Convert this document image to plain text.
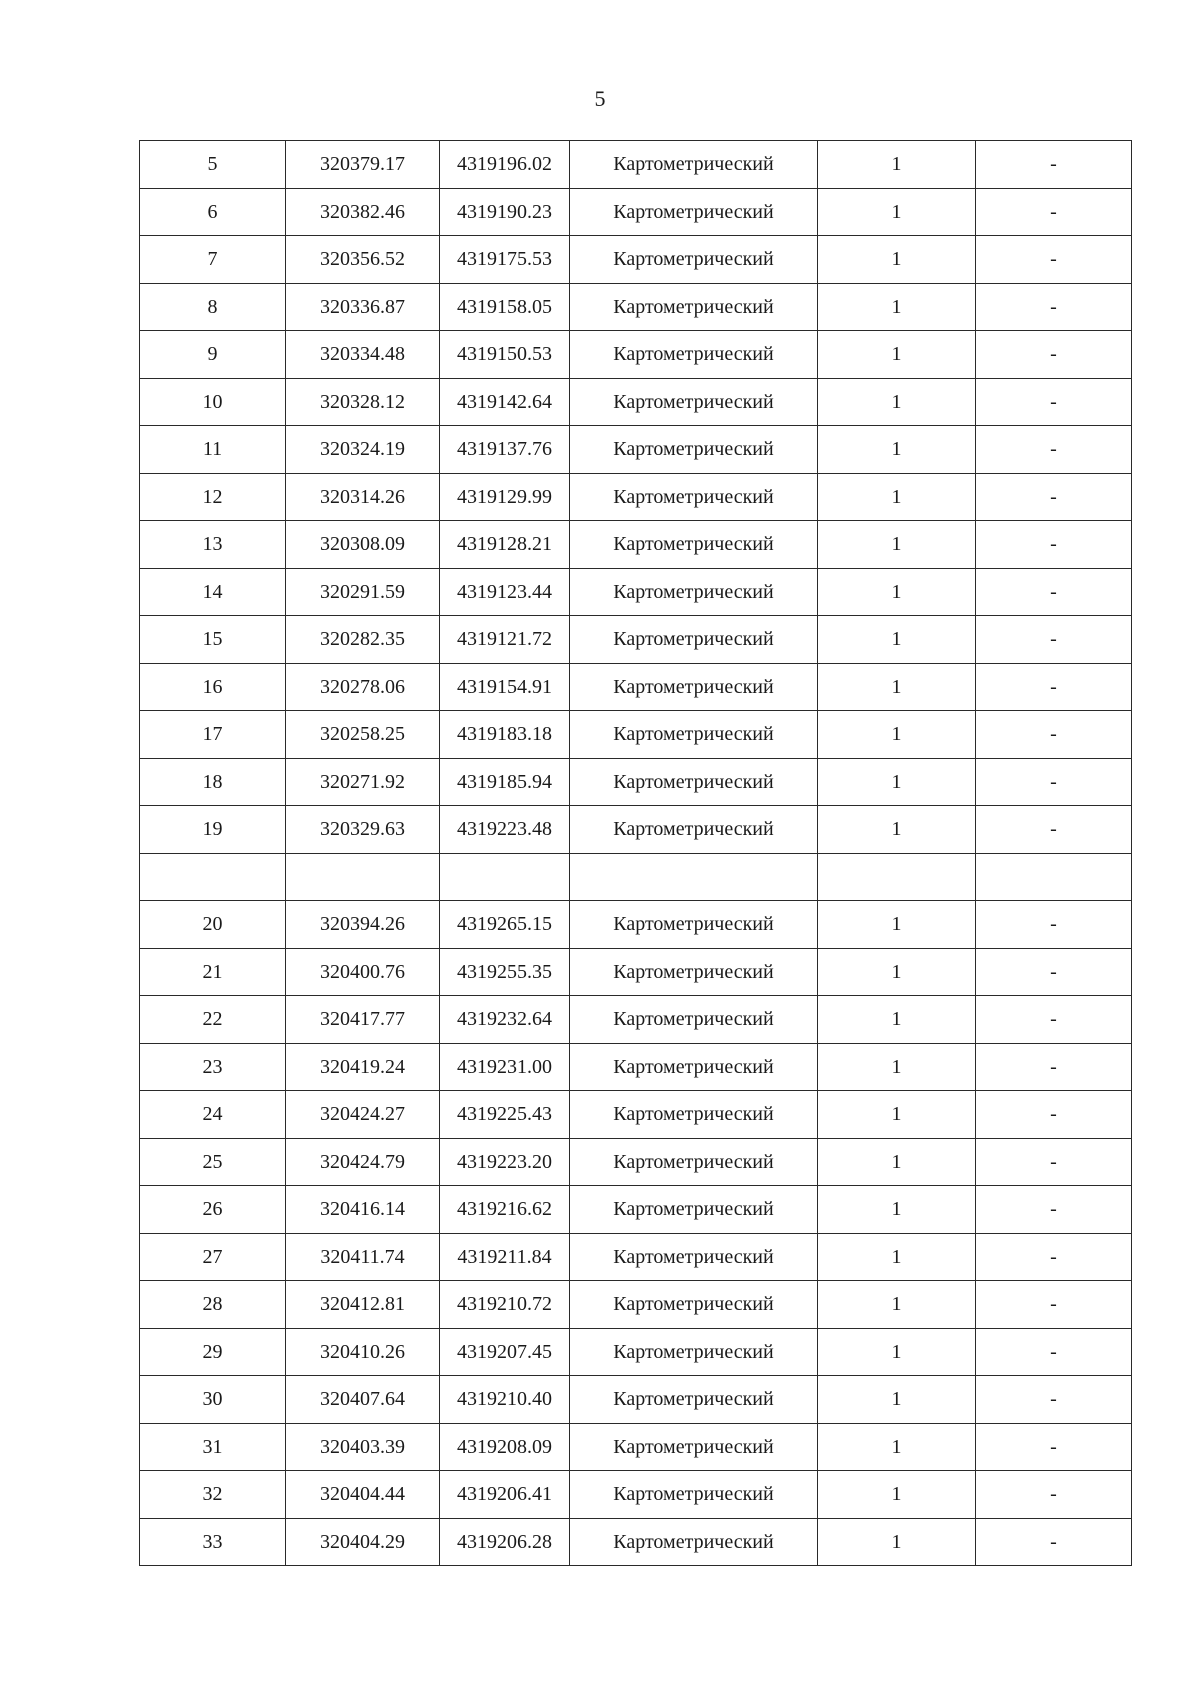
5
5	320379.17	4319196.02	Картометрический	1	-
6	320382.46	4319190.23	Картометрический	1	-
7	320356.52	4319175.53	Картометрический	1	-
8	320336.87	4319158.05	Картометрический	1	-
9	320334.48	4319150.53	Картометрический	1	-
10	320328.12	4319142.64	Картометрический	1	-
11	320324.19	4319137.76	Картометрический	1	-
12	320314.26	4319129.99	Картометрический	1	-
13	320308.09	4319128.21	Картометрический	1	-
14	320291.59	4319123.44	Картометрический	1	-
15	320282.35	4319121.72	Картометрический	1	-
16	320278.06	4319154.91	Картометрический	1	-
17	320258.25	4319183.18	Картометрический	1	-
18	320271.92	4319185.94	Картометрический	1	-
19	320329.63	4319223.48	Картометрический	1	-

20	320394.26	4319265.15	Картометрический	1	-
21	320400.76	4319255.35	Картометрический	1	-
22	320417.77	4319232.64	Картометрический	1	-
23	320419.24	4319231.00	Картометрический	1	-
24	320424.27	4319225.43	Картометрический	1	-
25	320424.79	4319223.20	Картометрический	1	-
26	320416.14	4319216.62	Картометрический	1	-
27	320411.74	4319211.84	Картометрический	1	-
28	320412.81	4319210.72	Картометрический	1	-
29	320410.26	4319207.45	Картометрический	1	-
30	320407.64	4319210.40	Картометрический	1	-
31	320403.39	4319208.09	Картометрический	1	-
32	320404.44	4319206.41	Картометрический	1	-
33	320404.29	4319206.28	Картометрический	1	-
